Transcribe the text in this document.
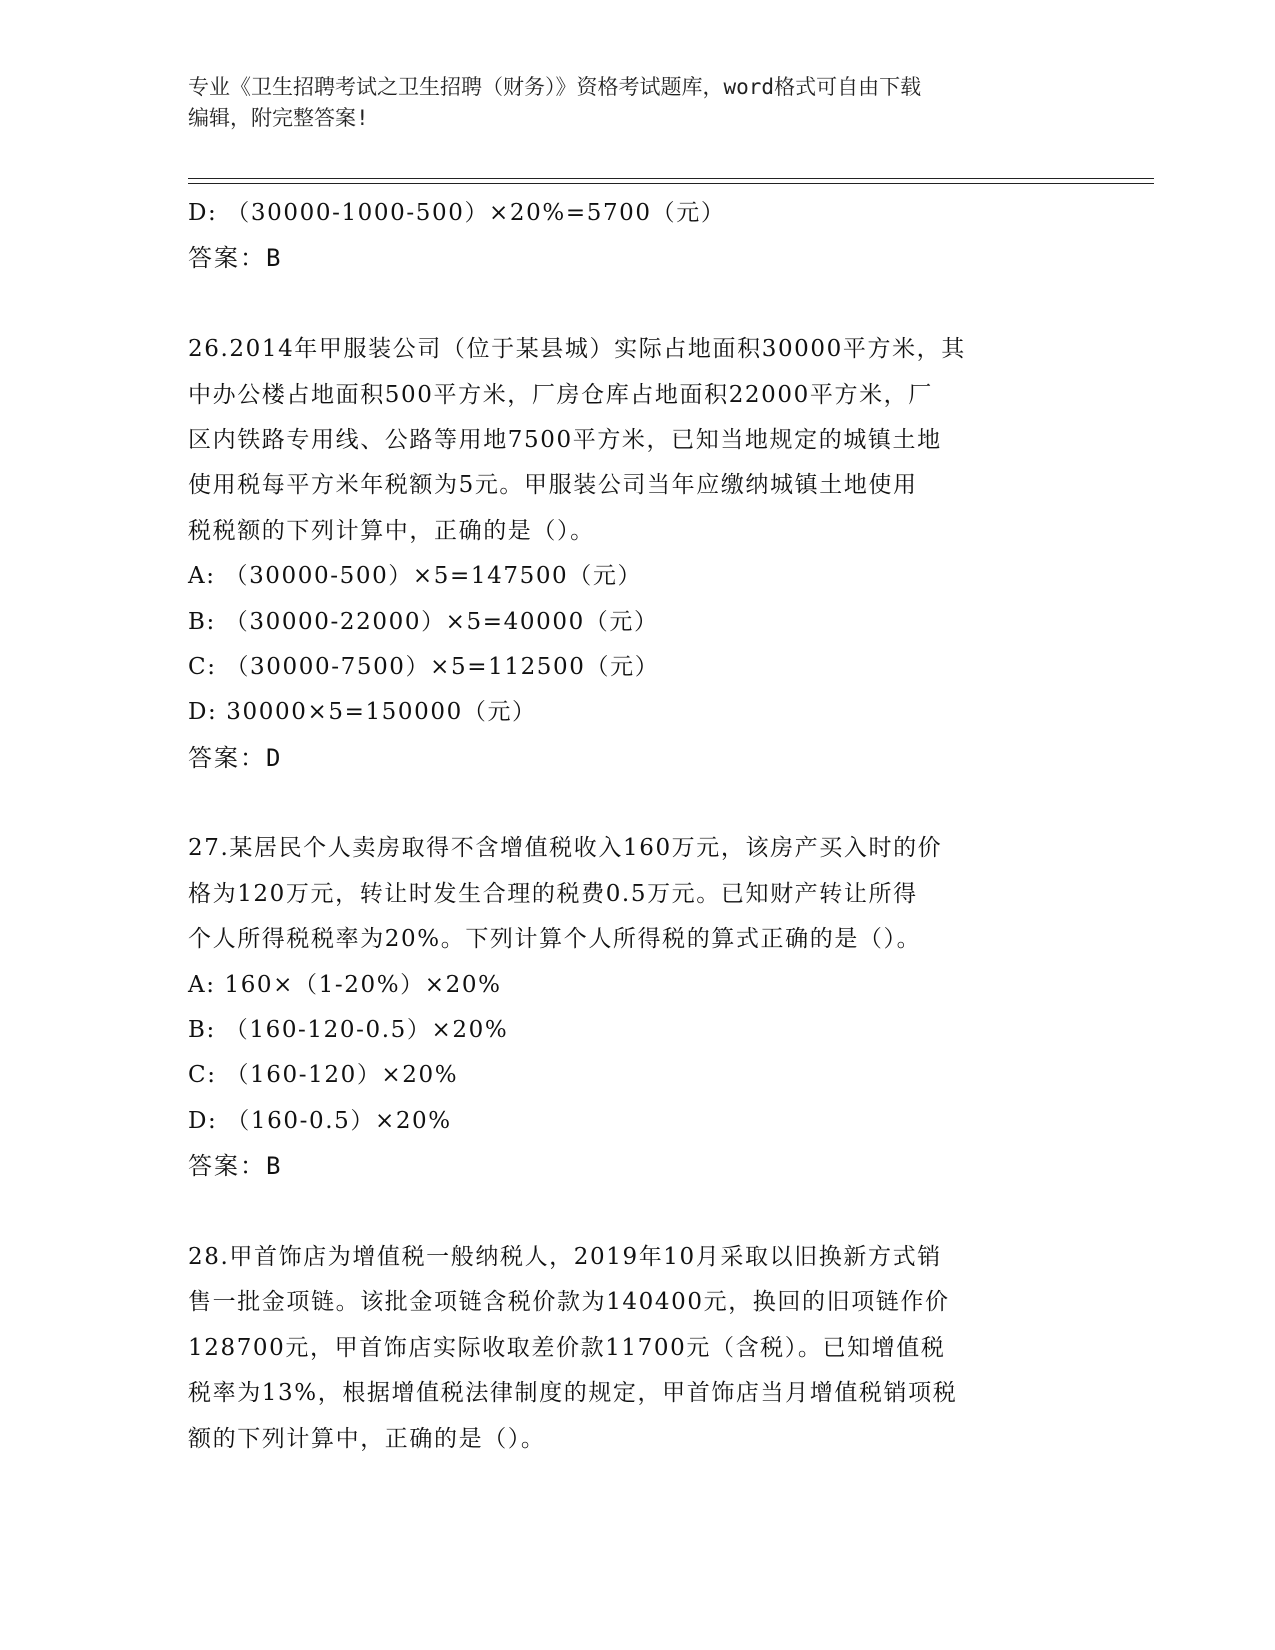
专业《卫生招聘考试之卫生招聘（财务）》资格考试题库，word格式可自由下载
编辑，附完整答案!
D: （30000-1000-500）×20%=5700（元）
答案：B
26.2014年甲服装公司（位于某县城）实际占地面积30000平方米，其
中办公楼占地面积500平方米，厂房仓库占地面积22000平方米，厂
区内铁路专用线、公路等用地7500平方米，已知当地规定的城镇土地
使用税每平方米年税额为5元。甲服装公司当年应缴纳城镇土地使用
税税额的下列计算中，正确的是（）。
A: （30000-500）×5=147500（元）
B: （30000-22000）×5=40000（元）
C: （30000-7500）×5=112500（元）
D: 30000×5=150000（元）
答案：D
27.某居民个人卖房取得不含增值税收入160万元，该房产买入时的价
格为120万元，转让时发生合理的税费0.5万元。已知财产转让所得
个人所得税税率为20%。下列计算个人所得税的算式正确的是（）。
A: 160×（1-20%）×20%
B: （160-120-0.5）×20%
C: （160-120）×20%
D: （160-0.5）×20%
答案：B
28.甲首饰店为增值税一般纳税人，2019年10月采取以旧换新方式销
售一批金项链。该批金项链含税价款为140400元，换回的旧项链作价
128700元，甲首饰店实际收取差价款11700元（含税）。已知增值税
税率为13%，根据增值税法律制度的规定，甲首饰店当月增值税销项税
额的下列计算中，正确的是（）。
